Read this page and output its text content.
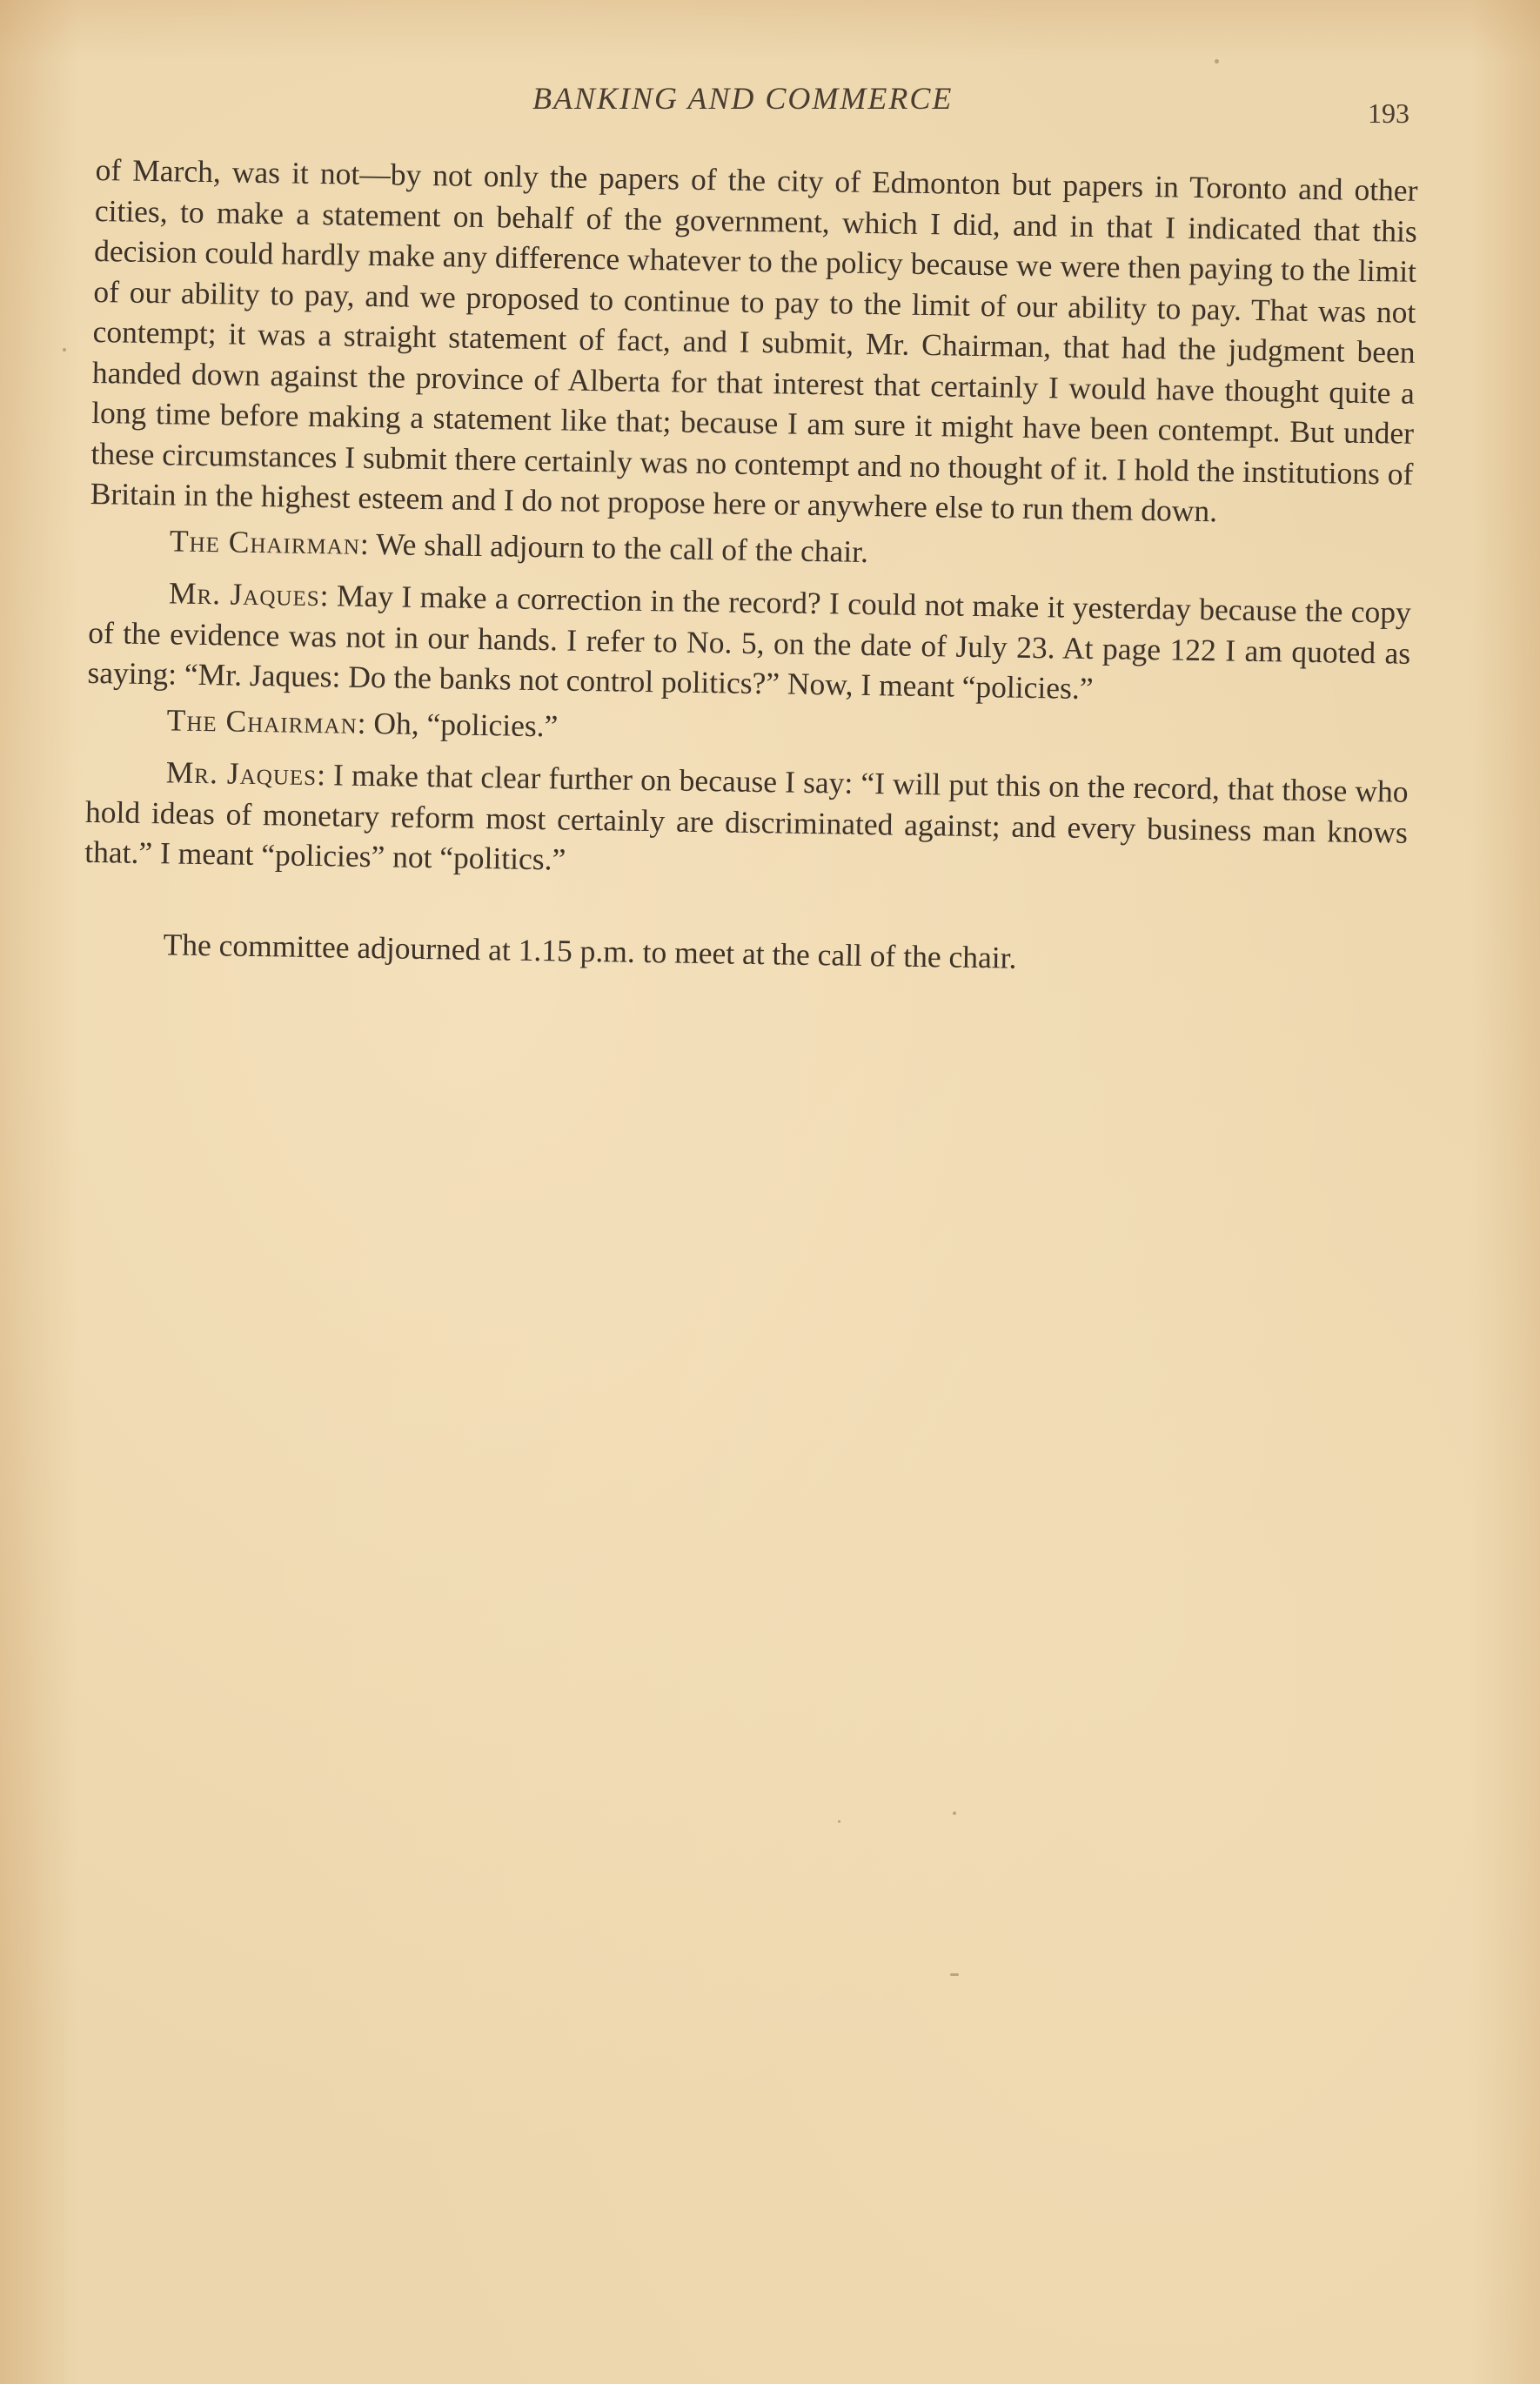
BANKING AND COMMERCE	193

of March, was it not—by not only the papers of the city of Edmonton but papers in Toronto and other cities, to make a statement on behalf of the government, which I did, and in that I indicated that this decision could hardly make any difference whatever to the policy because we were then paying to the limit of our ability to pay, and we proposed to continue to pay to the limit of our ability to pay. That was not contempt; it was a straight statement of fact, and I submit, Mr. Chairman, that had the judgment been handed down against the province of Alberta for that interest that certainly I would have thought quite a long time before making a statement like that; because I am sure it might have been contempt. But under these circumstances I submit there certainly was no contempt and no thought of it. I hold the institutions of Britain in the highest esteem and I do not propose here or anywhere else to run them down.

The Chairman: We shall adjourn to the call of the chair.

Mr. Jaques: May I make a correction in the record? I could not make it yesterday because the copy of the evidence was not in our hands. I refer to No. 5, on the date of July 23. At page 122 I am quoted as saying: “Mr. Jaques: Do the banks not control politics?” Now, I meant “policies.”

The Chairman: Oh, “policies.”

Mr. Jaques: I make that clear further on because I say: “I will put this on the record, that those who hold ideas of monetary reform most certainly are discriminated against; and every business man knows that.” I meant “policies” not “politics.”

The committee adjourned at 1.15 p.m. to meet at the call of the chair.
